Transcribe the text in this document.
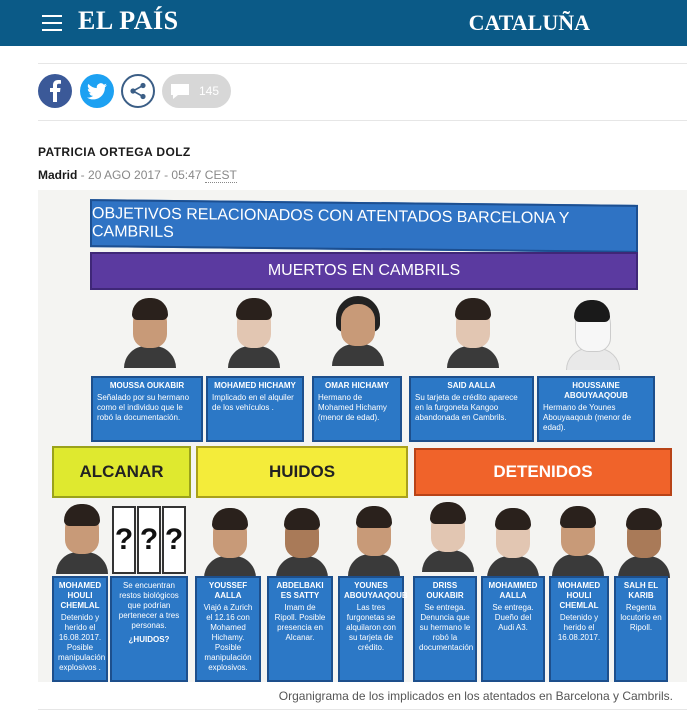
EL PAÍS	CATALUÑA
145
PATRICIA ORTEGA DOLZ
Madrid - 20 AGO 2017 - 05:47 CEST
OBJETIVOS RELACIONADOS CON ATENTADOS BARCELONA Y CAMBRILS
MUERTOS EN CAMBRILS
MOUSSA OUKABIR
Señalado por su hermano como el individuo que le robó la documentación.
MOHAMED HICHAMY
Implicado en el alquiler de los vehículos .
OMAR HICHAMY
Hermano de Mohamed Hichamy (menor de edad).
SAID AALLA
Su tarjeta de crédito aparece en la furgoneta Kangoo abandonada en Cambrils.
HOUSSAINE ABOUYAAQOUB
Hermano de Younes Abouyaaqoub (menor de edad).
ALCANAR	HUIDOS	DETENIDOS
? ? ?
MOHAMED HOULI CHEMLAL
Detenido y herido el 16.08.2017. Posible manipulación explosivos .
Se encuentran restos biológicos que podrían pertenecer a tres personas.
¿HUIDOS?
YOUSSEF AALLA
Viajó a Zurich el 12.16 con Mohamed Hichamy. Posible manipulación explosivos.
ABDELBAKI ES SATTY
Imam de Ripoll. Posible presencia en Alcanar.
YOUNES ABOUYAAQOUB
Las tres furgonetas se alquilaron con su tarjeta de crédito.
DRISS OUKABIR
Se entrega. Denuncia que su hermano le robó la documentación
MOHAMMED AALLA
Se entrega. Dueño del Audi A3.
MOHAMED HOULI CHEMLAL
Detenido y herido el 16.08.2017.
SALH EL KARIB
Regenta locutorio en Ripoll.
Organigrama de los implicados en los atentados en Barcelona y Cambrils.
